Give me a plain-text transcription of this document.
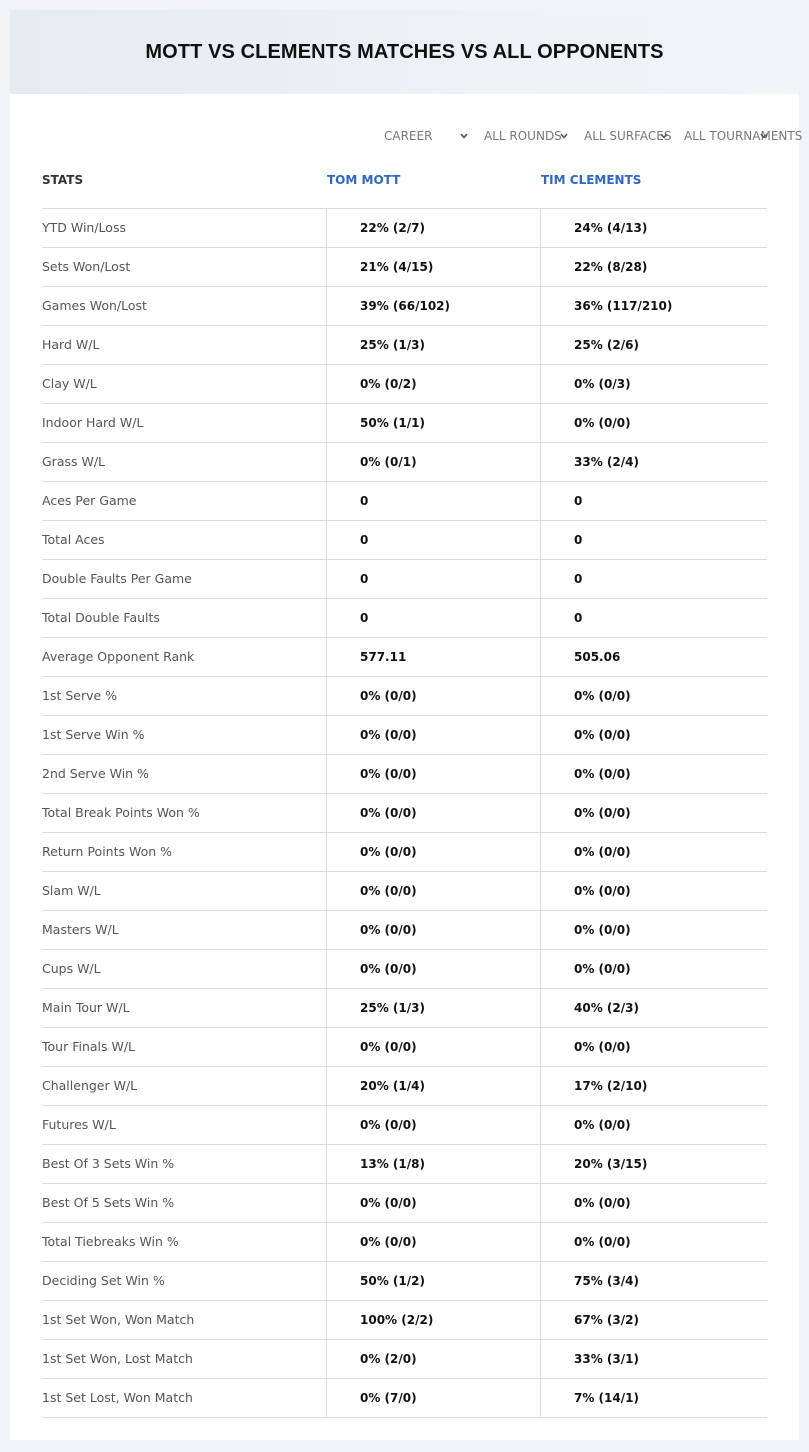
MOTT VS CLEMENTS MATCHES VS ALL OPPONENTS
CAREER	ALL ROUNDS	ALL SURFACES	ALL TOURNAMENTS
STATS	TOM MOTT	TIM CLEMENTS
YTD Win/Loss	22% (2/7)	24% (4/13)
Sets Won/Lost	21% (4/15)	22% (8/28)
Games Won/Lost	39% (66/102)	36% (117/210)
Hard W/L	25% (1/3)	25% (2/6)
Clay W/L	0% (0/2)	0% (0/3)
Indoor Hard W/L	50% (1/1)	0% (0/0)
Grass W/L	0% (0/1)	33% (2/4)
Aces Per Game	0	0
Total Aces	0	0
Double Faults Per Game	0	0
Total Double Faults	0	0
Average Opponent Rank	577.11	505.06
1st Serve %	0% (0/0)	0% (0/0)
1st Serve Win %	0% (0/0)	0% (0/0)
2nd Serve Win %	0% (0/0)	0% (0/0)
Total Break Points Won %	0% (0/0)	0% (0/0)
Return Points Won %	0% (0/0)	0% (0/0)
Slam W/L	0% (0/0)	0% (0/0)
Masters W/L	0% (0/0)	0% (0/0)
Cups W/L	0% (0/0)	0% (0/0)
Main Tour W/L	25% (1/3)	40% (2/3)
Tour Finals W/L	0% (0/0)	0% (0/0)
Challenger W/L	20% (1/4)	17% (2/10)
Futures W/L	0% (0/0)	0% (0/0)
Best Of 3 Sets Win %	13% (1/8)	20% (3/15)
Best Of 5 Sets Win %	0% (0/0)	0% (0/0)
Total Tiebreaks Win %	0% (0/0)	0% (0/0)
Deciding Set Win %	50% (1/2)	75% (3/4)
1st Set Won, Won Match	100% (2/2)	67% (3/2)
1st Set Won, Lost Match	0% (2/0)	33% (3/1)
1st Set Lost, Won Match	0% (7/0)	7% (14/1)
